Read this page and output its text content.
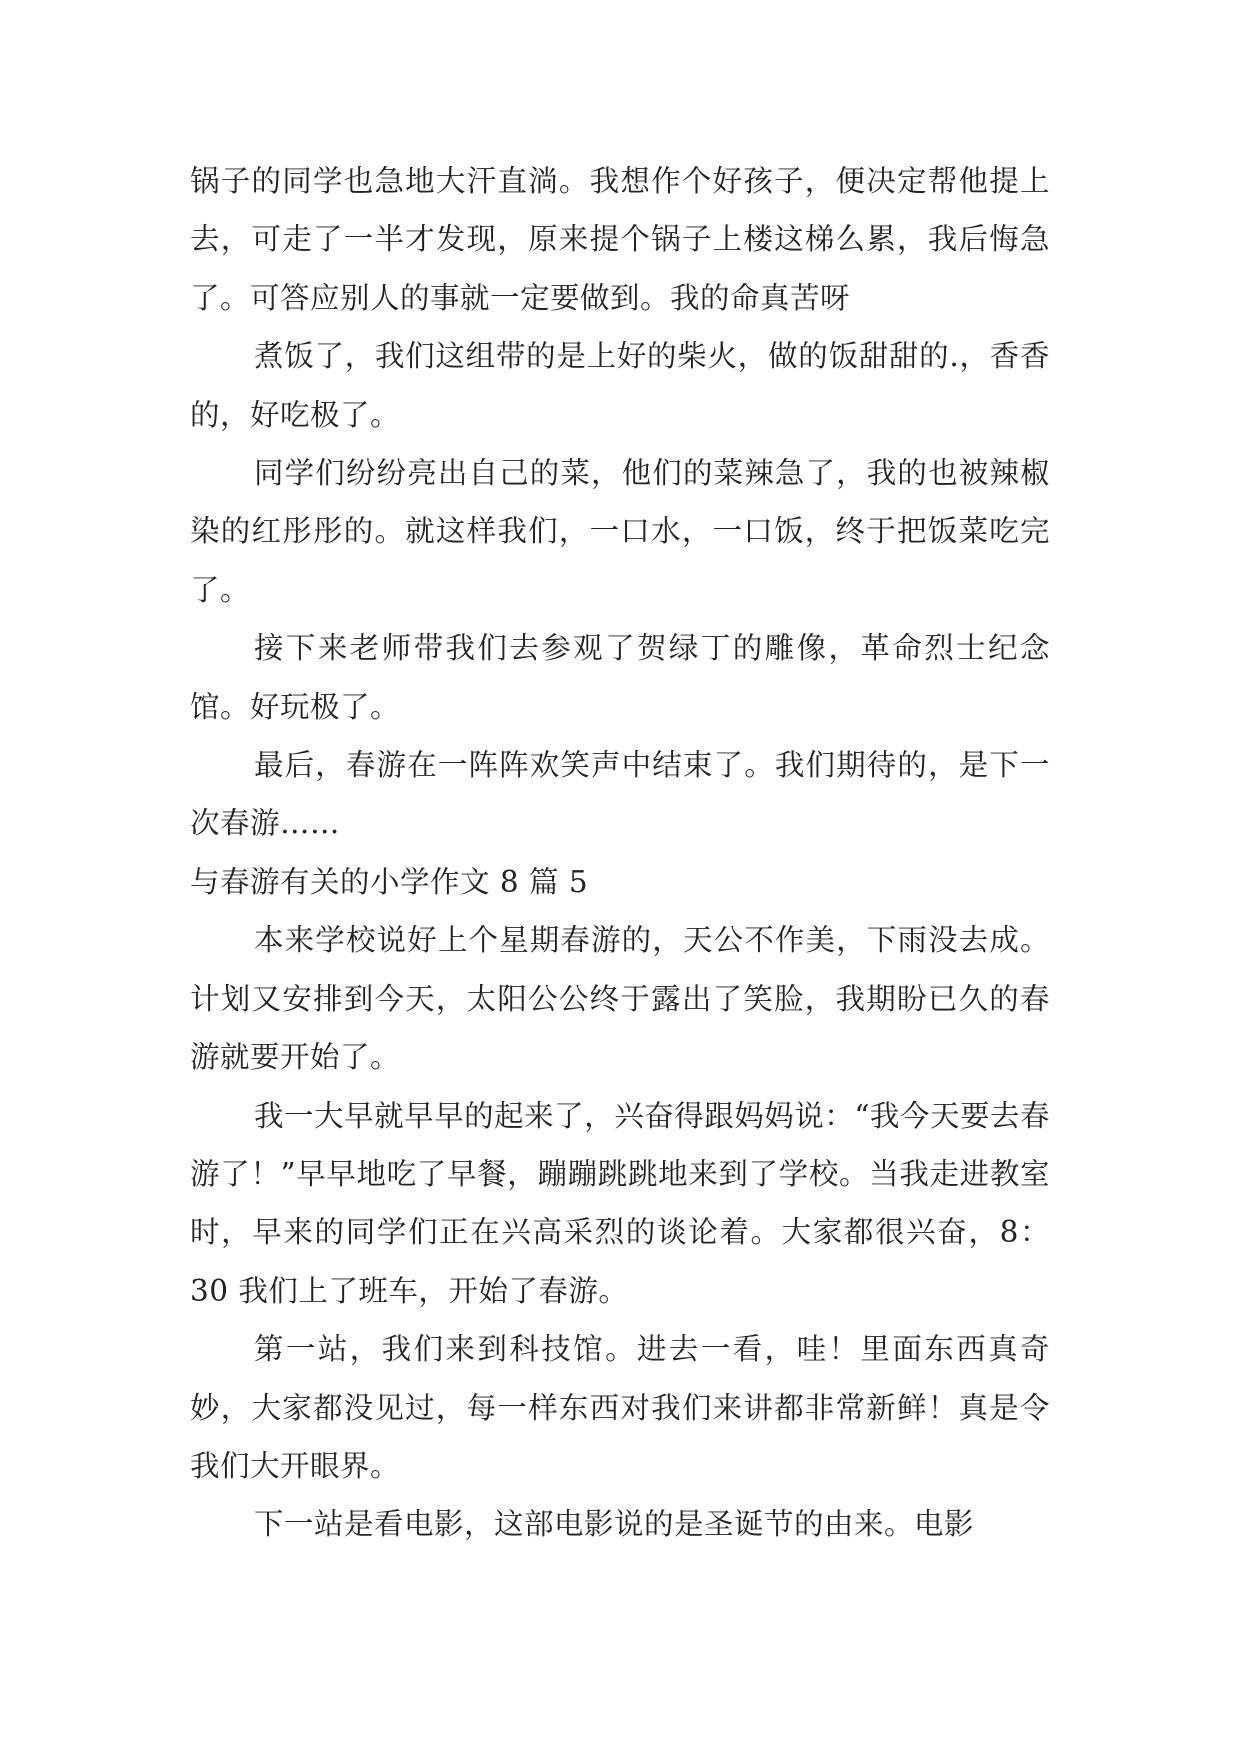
锅子的同学也急地大汗直淌。我想作个好孩子，便决定帮他提上去，可走了一半才发现，原来提个锅子上楼这梯么累，我后悔急了。可答应别人的事就一定要做到。我的命真苦呀

煮饭了，我们这组带的是上好的柴火，做的饭甜甜的.，香香的，好吃极了。

同学们纷纷亮出自己的菜，他们的菜辣急了，我的也被辣椒染的红彤彤的。就这样我们，一口水，一口饭，终于把饭菜吃完了。

接下来老师带我们去参观了贺绿丁的雕像，革命烈士纪念馆。好玩极了。

最后，春游在一阵阵欢笑声中结束了。我们期待的，是下一次春游……

与春游有关的小学作文 8 篇 5

本来学校说好上个星期春游的，天公不作美，下雨没去成。计划又安排到今天，太阳公公终于露出了笑脸，我期盼已久的春游就要开始了。

我一大早就早早的起来了，兴奋得跟妈妈说：“我今天要去春游了！”早早地吃了早餐，蹦蹦跳跳地来到了学校。当我走进教室时，早来的同学们正在兴高采烈的谈论着。大家都很兴奋，8：30 我们上了班车，开始了春游。

第一站，我们来到科技馆。进去一看，哇！里面东西真奇妙，大家都没见过，每一样东西对我们来讲都非常新鲜！真是令我们大开眼界。

下一站是看电影，这部电影说的是圣诞节的由来。电影
